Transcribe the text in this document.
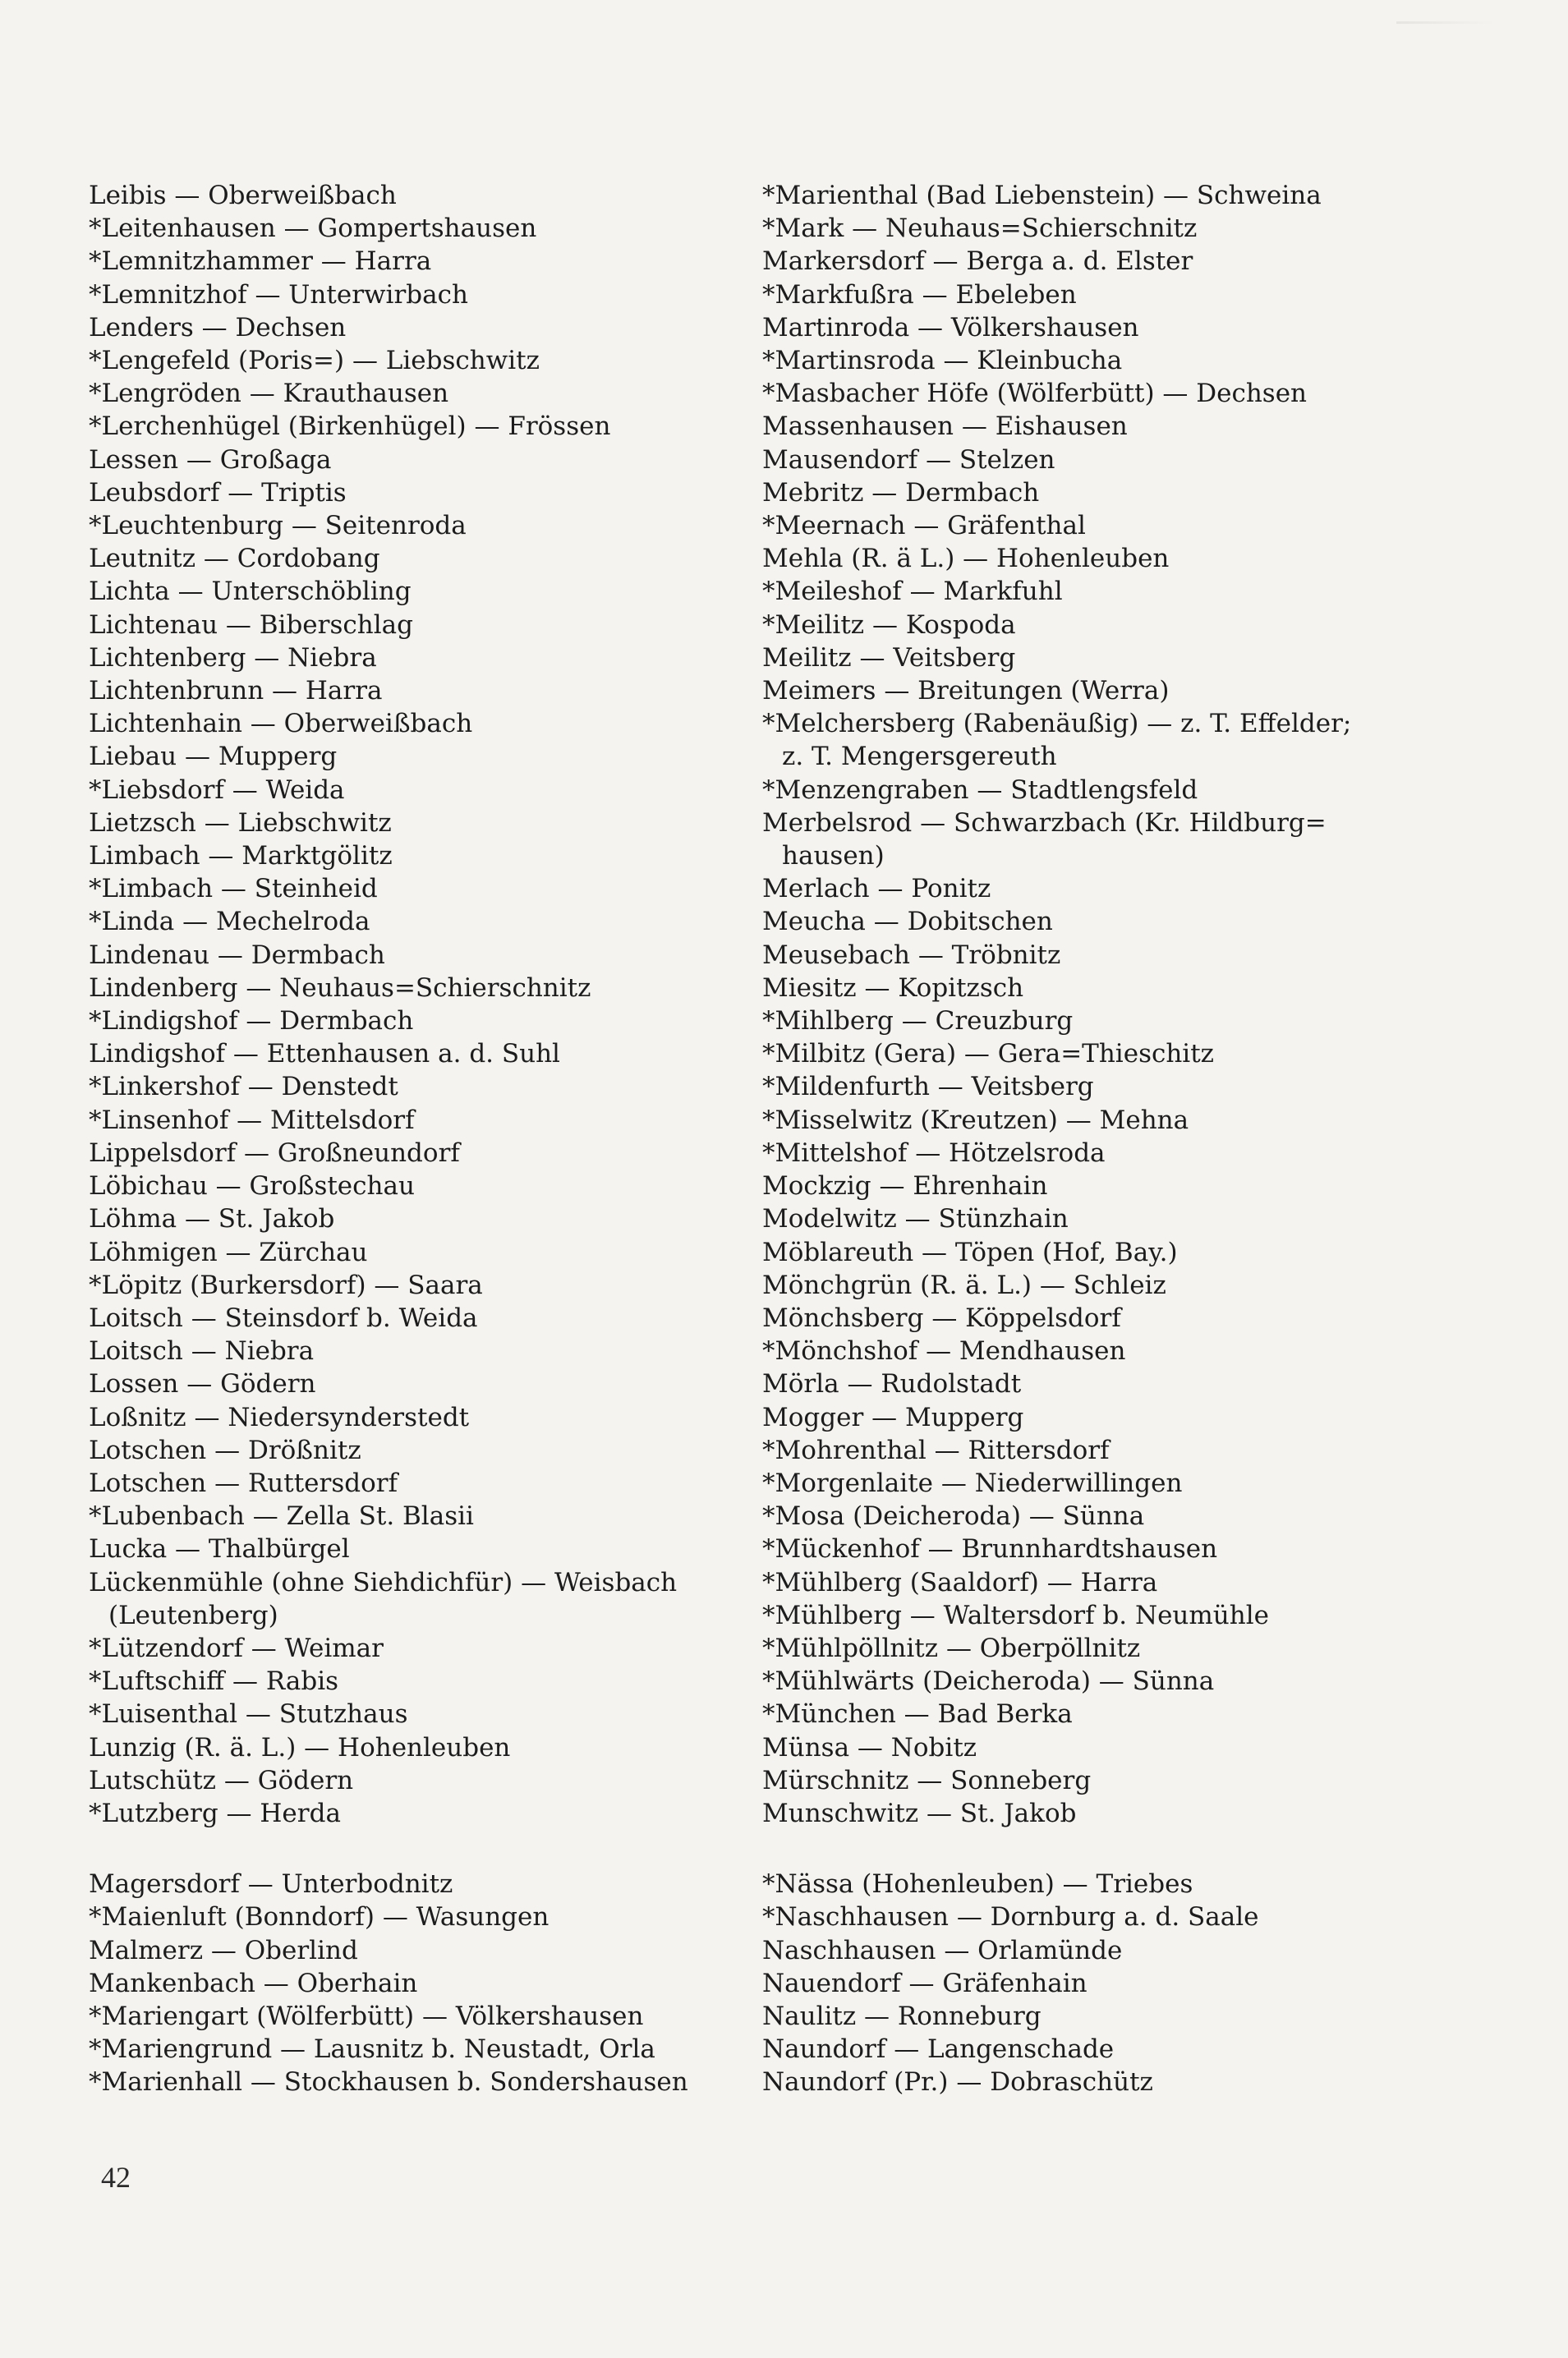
Leibis — Oberweißbach
*Leitenhausen — Gompertshausen
*Lemnitzhammer — Harra
*Lemnitzhof — Unterwirbach
Lenders — Dechsen
*Lengefeld (Poris=) — Liebschwitz
*Lengröden — Krauthausen
*Lerchenhügel (Birkenhügel) — Frössen
Lessen — Großaga
Leubsdorf — Triptis
*Leuchtenburg — Seitenroda
Leutnitz — Cordobang
Lichta — Unterschöbling
Lichtenau — Biberschlag
Lichtenberg — Niebra
Lichtenbrunn — Harra
Lichtenhain — Oberweißbach
Liebau — Mupperg
*Liebsdorf — Weida
Lietzsch — Liebschwitz
Limbach — Marktgölitz
*Limbach — Steinheid
*Linda — Mechelroda
Lindenau — Dermbach
Lindenberg — Neuhaus=Schierschnitz
*Lindigshof — Dermbach
Lindigshof — Ettenhausen a. d. Suhl
*Linkershof — Denstedt
*Linsenhof — Mittelsdorf
Lippelsdorf — Großneundorf
Löbichau — Großstechau
Löhma — St. Jakob
Löhmigen — Zürchau
*Löpitz (Burkersdorf) — Saara
Loitsch — Steinsdorf b. Weida
Loitsch — Niebra
Lossen — Gödern
Loßnitz — Niedersynderstedt
Lotschen — Drößnitz
Lotschen — Ruttersdorf
*Lubenbach — Zella St. Blasii
Lucka — Thalbürgel
Lückenmühle (ohne Siehdichfür) — Weisbach
(Leutenberg)
*Lützendorf — Weimar
*Luftschiff — Rabis
*Luisenthal — Stutzhaus
Lunzig (R. ä. L.) — Hohenleuben
Lutschütz — Gödern
*Lutzberg — Herda
Magersdorf — Unterbodnitz
*Maienluft (Bonndorf) — Wasungen
Malmerz — Oberlind
Mankenbach — Oberhain
*Mariengart (Wölferbütt) — Völkershausen
*Mariengrund — Lausnitz b. Neustadt, Orla
*Marienhall — Stockhausen b. Sondershausen
*Marienthal (Bad Liebenstein) — Schweina
*Mark — Neuhaus=Schierschnitz
Markersdorf — Berga a. d. Elster
*Markfußra — Ebeleben
Martinroda — Völkershausen
*Martinsroda — Kleinbucha
*Masbacher Höfe (Wölferbütt) — Dechsen
Massenhausen — Eishausen
Mausendorf — Stelzen
Mebritz — Dermbach
*Meernach — Gräfenthal
Mehla (R. ä L.) — Hohenleuben
*Meileshof — Markfuhl
*Meilitz — Kospoda
Meilitz — Veitsberg
Meimers — Breitungen (Werra)
*Melchersberg (Rabenäußig) — z. T. Effelder;
z. T. Mengersgereuth
*Menzengraben — Stadtlengsfeld
Merbelsrod — Schwarzbach (Kr. Hildburg=
hausen)
Merlach — Ponitz
Meucha — Dobitschen
Meusebach — Tröbnitz
Miesitz — Kopitzsch
*Mihlberg — Creuzburg
*Milbitz (Gera) — Gera=Thieschitz
*Mildenfurth — Veitsberg
*Misselwitz (Kreutzen) — Mehna
*Mittelshof — Hötzelsroda
Mockzig — Ehrenhain
Modelwitz — Stünzhain
Möblareuth — Töpen (Hof, Bay.)
Mönchgrün (R. ä. L.) — Schleiz
Mönchsberg — Köppelsdorf
*Mönchshof — Mendhausen
Mörla — Rudolstadt
Mogger — Mupperg
*Mohrenthal — Rittersdorf
*Morgenlaite — Niederwillingen
*Mosa (Deicheroda) — Sünna
*Mückenhof — Brunnhardtshausen
*Mühlberg (Saaldorf) — Harra
*Mühlberg — Waltersdorf b. Neumühle
*Mühlpöllnitz — Oberpöllnitz
*Mühlwärts (Deicheroda) — Sünna
*München — Bad Berka
Münsa — Nobitz
Mürschnitz — Sonneberg
Munschwitz — St. Jakob
*Nässa (Hohenleuben) — Triebes
*Naschhausen — Dornburg a. d. Saale
Naschhausen — Orlamünde
Nauendorf — Gräfenhain
Naulitz — Ronneburg
Naundorf — Langenschade
Naundorf (Pr.) — Dobraschütz
42
